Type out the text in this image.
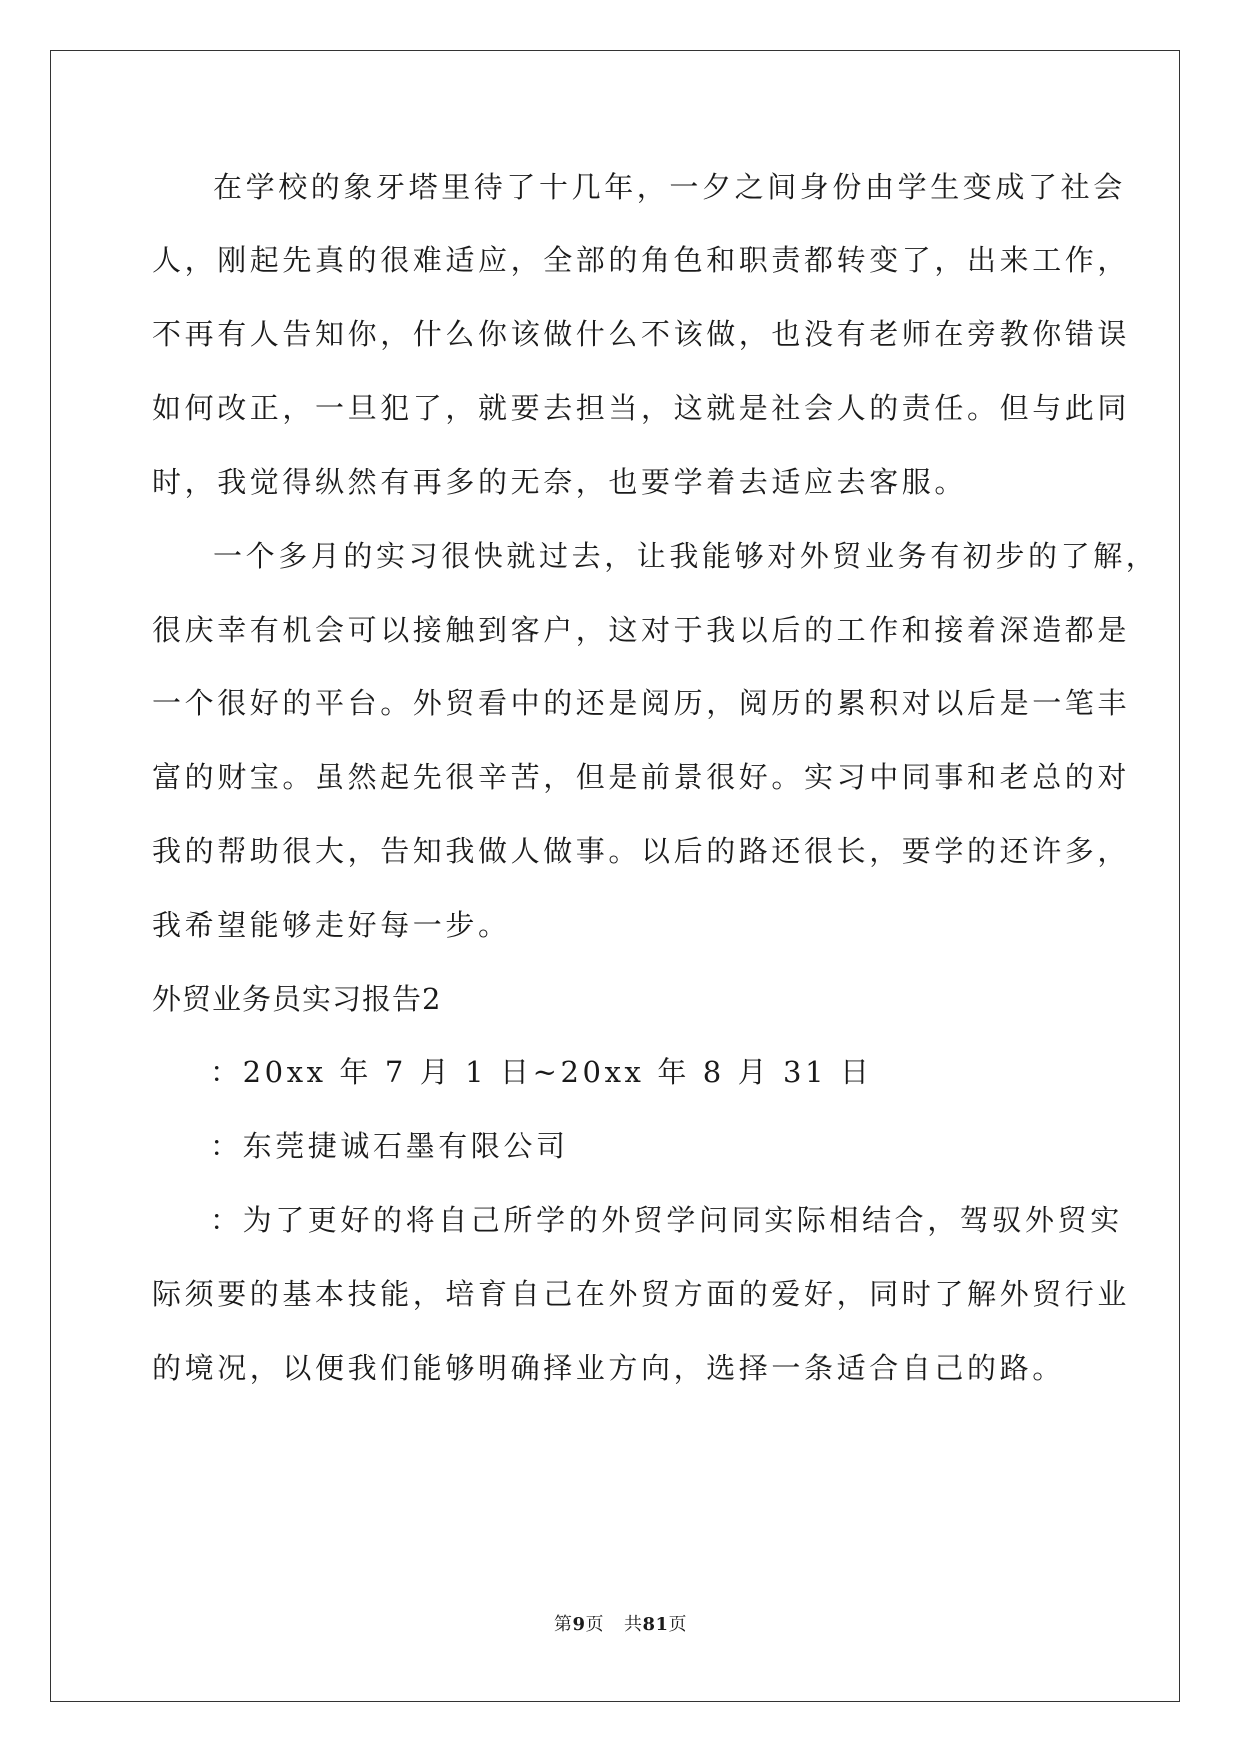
在学校的象牙塔里待了十几年，一夕之间身份由学生变成了社会
人，刚起先真的很难适应，全部的角色和职责都转变了，出来工作，
不再有人告知你，什么你该做什么不该做，也没有老师在旁教你错误
如何改正，一旦犯了，就要去担当，这就是社会人的责任。但与此同
时，我觉得纵然有再多的无奈，也要学着去适应去客服。
一个多月的实习很快就过去，让我能够对外贸业务有初步的了解，
很庆幸有机会可以接触到客户，这对于我以后的工作和接着深造都是
一个很好的平台。外贸看中的还是阅历，阅历的累积对以后是一笔丰
富的财宝。虽然起先很辛苦，但是前景很好。实习中同事和老总的对
我的帮助很大，告知我做人做事。以后的路还很长，要学的还许多，
我希望能够走好每一步。
外贸业务员实习报告2
：20xx 年 7 月 1 日~20xx 年 8 月 31 日
：东莞捷诚石墨有限公司
：为了更好的将自己所学的外贸学问同实际相结合，驾驭外贸实
际须要的基本技能，培育自己在外贸方面的爱好，同时了解外贸行业
的境况，以便我们能够明确择业方向，选择一条适合自己的路。
第9页 共81页
